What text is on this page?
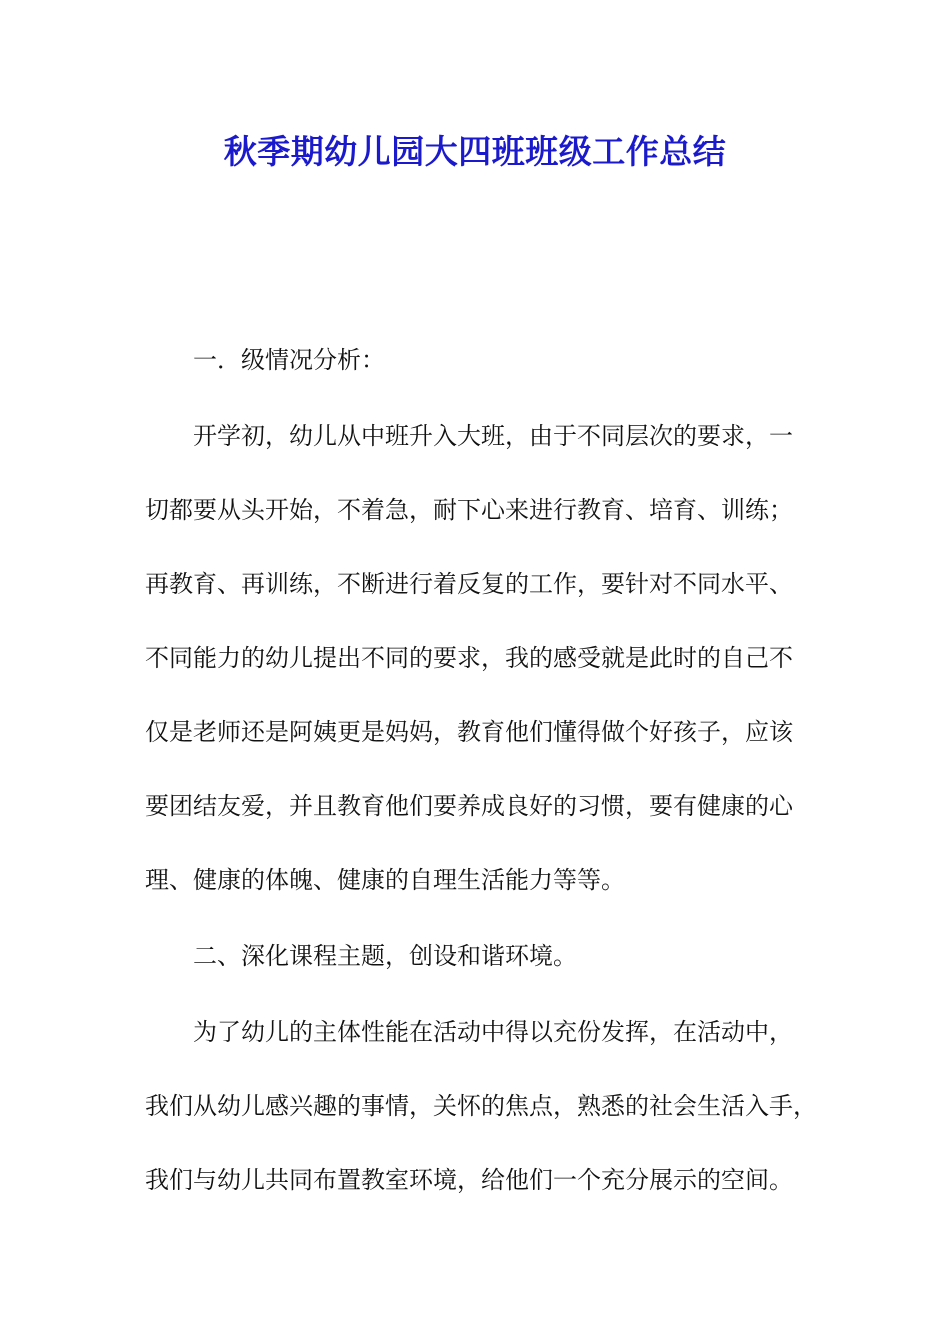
秋季期幼儿园大四班班级工作总结

一．级情况分析：

开学初，幼儿从中班升入大班，由于不同层次的要求，一

切都要从头开始，不着急，耐下心来进行教育、培育、训练；

再教育、再训练，不断进行着反复的工作，要针对不同水平、

不同能力的幼儿提出不同的要求，我的感受就是此时的自己不

仅是老师还是阿姨更是妈妈，教育他们懂得做个好孩子，应该

要团结友爱，并且教育他们要养成良好的习惯，要有健康的心

理、健康的体魄、健康的自理生活能力等等。

二、深化课程主题，创设和谐环境。

为了幼儿的主体性能在活动中得以充份发挥，在活动中，

我们从幼儿感兴趣的事情，关怀的焦点，熟悉的社会生活入手，

我们与幼儿共同布置教室环境，给他们一个充分展示的空间。
